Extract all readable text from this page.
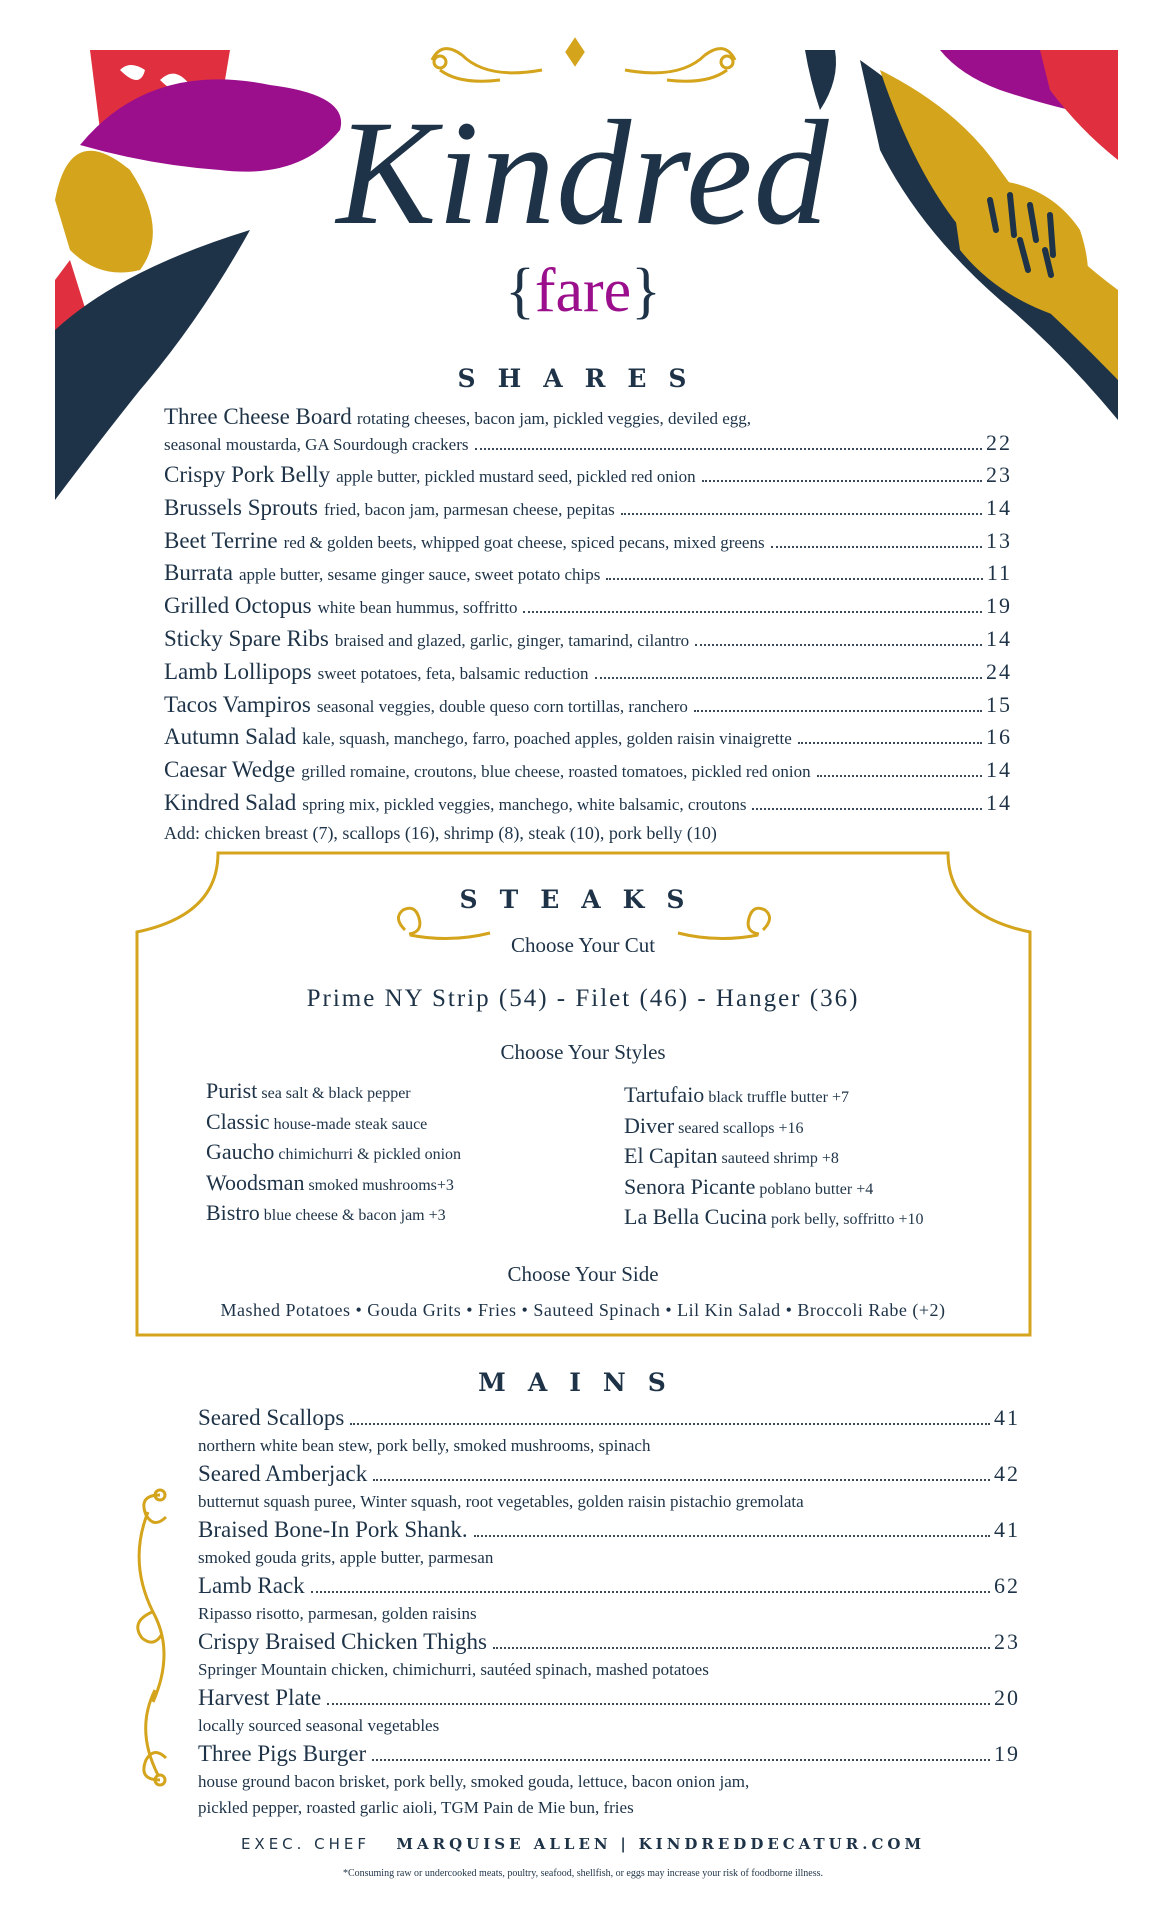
Kindred
{fare}
SHARES
Three Cheese Board rotating cheeses, bacon jam, pickled veggies, deviled egg,
seasonal moustarda, GA Sourdough crackers	22
Crispy Pork Belly apple butter, pickled mustard seed, pickled red onion	23
Brussels Sprouts fried, bacon jam, parmesan cheese, pepitas	14
Beet Terrine red & golden beets, whipped goat cheese, spiced pecans, mixed greens	13
Burrata apple butter, sesame ginger sauce, sweet potato chips	11
Grilled Octopus white bean hummus, soffritto	19
Sticky Spare Ribs braised and glazed, garlic, ginger, tamarind, cilantro	14
Lamb Lollipops sweet potatoes, feta, balsamic reduction	24
Tacos Vampiros seasonal veggies, double queso corn tortillas, ranchero	15
Autumn Salad kale, squash, manchego, farro, poached apples, golden raisin vinaigrette	16
Caesar Wedge grilled romaine, croutons, blue cheese, roasted tomatoes, pickled red onion	14
Kindred Salad spring mix, pickled veggies, manchego, white balsamic, croutons	14
Add: chicken breast (7), scallops (16), shrimp (8), steak (10), pork belly (10)
STEAKS
Choose Your Cut
Prime NY Strip (54) - Filet (46) - Hanger (36)
Choose Your Styles
Purist sea salt & black pepper
Classic house-made steak sauce
Gaucho chimichurri & pickled onion
Woodsman smoked mushrooms+3
Bistro blue cheese & bacon jam +3
Tartufaio black truffle butter +7
Diver seared scallops +16
El Capitan sauteed shrimp +8
Senora Picante poblano butter +4
La Bella Cucina pork belly, soffritto +10
Choose Your Side
Mashed Potatoes • Gouda Grits • Fries • Sauteed Spinach • Lil Kin Salad • Broccoli Rabe (+2)
MAINS
Seared Scallops	41
northern white bean stew, pork belly, smoked mushrooms, spinach
Seared Amberjack	42
butternut squash puree, Winter squash, root vegetables, golden raisin pistachio gremolata
Braised Bone-In Pork Shank.	41
smoked gouda grits, apple butter, parmesan
Lamb Rack	62
Ripasso risotto, parmesan, golden raisins
Crispy Braised Chicken Thighs	23
Springer Mountain chicken, chimichurri, sautéed spinach, mashed potatoes
Harvest Plate	20
locally sourced seasonal vegetables
Three Pigs Burger	19
house ground bacon brisket, pork belly, smoked gouda, lettuce, bacon onion jam,
pickled pepper, roasted garlic aioli, TGM Pain de Mie bun, fries
EXEC. CHEF MARQUISE ALLEN | KINDREDDECATUR.COM
*Consuming raw or undercooked meats, poultry, seafood, shellfish, or eggs may increase your risk of foodborne illness.
